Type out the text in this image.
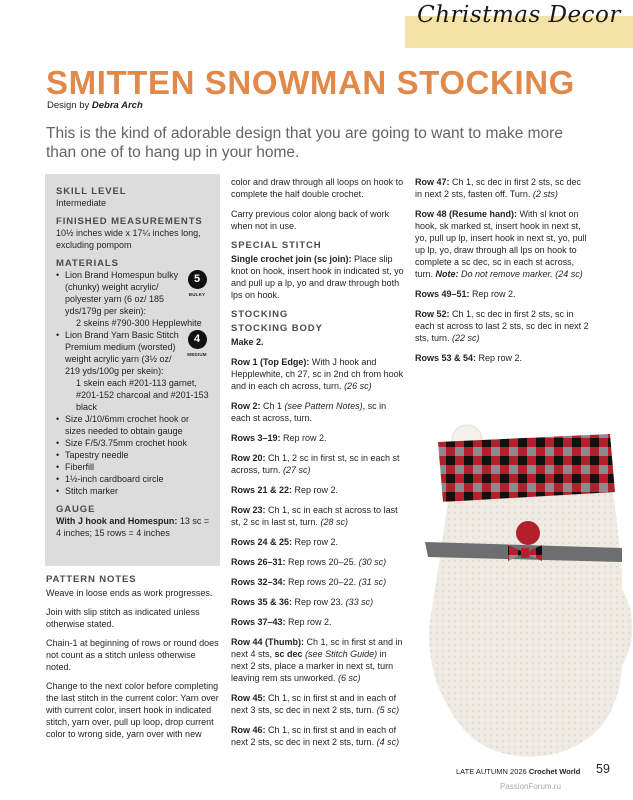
Christmas Decor
SMITTEN SNOWMAN STOCKING
Design by Debra Arch

This is the kind of adorable design that you are going to want to make more than one of to hang up in your home.

SKILL LEVEL
Intermediate
FINISHED MEASUREMENTS
10½ inches wide x 17¼ inches long, excluding pompom
MATERIALS
• 5
BULKY
Lion Brand Homespun bulky (chunky) weight acrylic/ polyester yarn (6 oz/ 185 yds/179g per skein):
2 skeins #790-300 Hepplewhite
• 4
MEDIUM
Lion Brand Yarn Basic Stitch Premium medium (worsted) weight acrylic yarn (3½ oz/ 219 yds/100g per skein):
1 skein each #201-113 garnet, #201-152 charcoal and #201-153 black
• Size J/10/6mm crochet hook or sizes needed to obtain gauge
• Size F/5/3.75mm crochet hook
• Tapestry needle
• Fiberfill
• 1½-inch cardboard circle
• Stitch marker
GAUGE
With J hook and Homespun: 13 sc = 4 inches; 15 rows = 4 inches
PATTERN NOTES

Weave in loose ends as work progresses.

Join with slip stitch as indicated unless otherwise stated.

Chain-1 at beginning of rows or round does not count as a stitch unless otherwise noted.

Change to the next color before completing the last stitch in the current color: Yarn over with current color, insert hook in indicated stitch, yarn over, pull up loop, drop current color to wrong side, yarn over with new

color and draw through all loops on hook to complete the half double crochet.

Carry previous color along back of work when not in use.

SPECIAL STITCH

Single crochet join (sc join): Place slip knot on hook, insert hook in indicated st, yo and pull up a lp, yo and draw through both lps on hook.

STOCKING
STOCKING BODY

Make 2.

Row 1 (Top Edge): With J hook and Hepplewhite, ch 27, sc in 2nd ch from hook and in each ch across, turn. (26 sc)

Row 2: Ch 1 (see Pattern Notes), sc in each st across, turn.

Rows 3–19: Rep row 2.

Row 20: Ch 1, 2 sc in first st, sc in each st across, turn. (27 sc)

Rows 21 & 22: Rep row 2.

Row 23: Ch 1, sc in each st across to last st, 2 sc in last st, turn. (28 sc)

Rows 24 & 25: Rep row 2.

Rows 26–31: Rep rows 20–25. (30 sc)

Rows 32–34: Rep rows 20–22. (31 sc)

Rows 35 & 36: Rep row 23. (33 sc)

Rows 37–43: Rep row 2.

Row 44 (Thumb): Ch 1, sc in first st and in next 4 sts, sc dec (see Stitch Guide) in next 2 sts, place a marker in next st, turn leaving rem sts unworked. (6 sc)

Row 45: Ch 1, sc in first st and in each of next 3 sts, sc dec in next 2 sts, turn. (5 sc)

Row 46: Ch 1, sc in first st and in each of next 2 sts, sc dec in next 2 sts, turn. (4 sc)

Row 47: Ch 1, sc dec in first 2 sts, sc dec in next 2 sts, fasten off. Turn. (2 sts)

Row 48 (Resume hand): With sl knot on hook, sk marked st, insert hook in next st, yo, pull up lp, insert hook in next st, yo, pull up lp, yo, draw through all lps on hook to complete a sc dec, sc in each st across, turn. Note: Do not remove marker. (24 sc)

Rows 49–51: Rep row 2.

Row 52: Ch 1, sc dec in first 2 sts, sc in each st across to last 2 sts, sc dec in next 2 sts, turn. (22 sc)

Rows 53 & 54: Rep row 2.

LATE AUTUMN 2026 Crochet World 59
PassionForum.ru
